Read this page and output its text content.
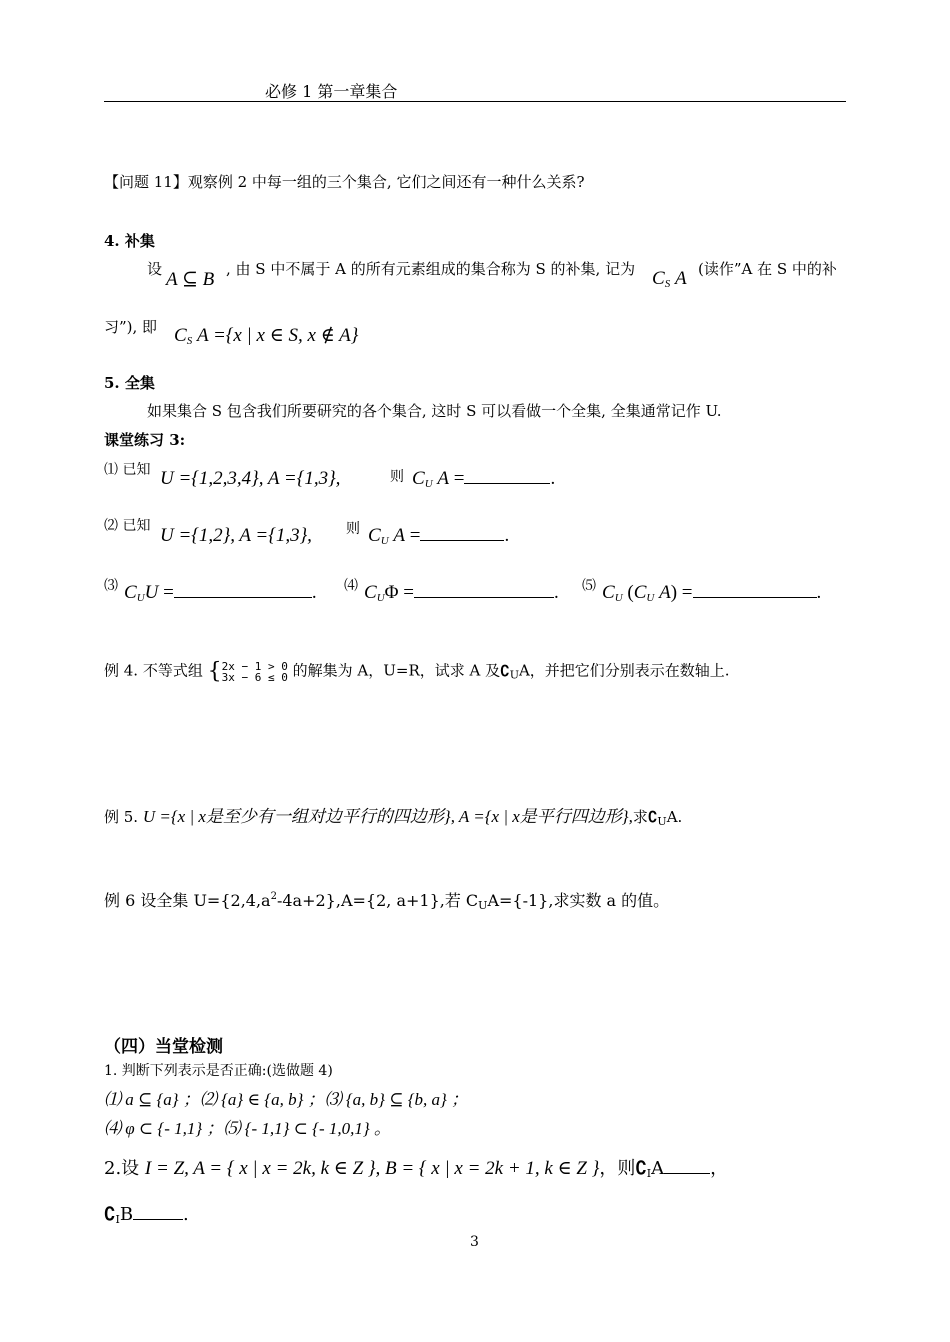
必修 1 第一章集合
【问题 11】观察例 2 中每一组的三个集合, 它们之间还有一种什么关系?
4. 补集
设 A ⊆ B , 由 S 中不属于 A 的所有元素组成的集合称为 S 的补集, 记为 $C_S$ A (读作”A 在 S 中的补
习”), 即 $C_S$ A ={x | x ∈ S, x ∉ A}
5. 全集
如果集合 S 包含我们所要研究的各个集合, 这时 S 可以看做一个全集, 全集通常记作 U.
课堂练习 3:
⑴ 已知 U ={1,2,3,4}, A ={1,3},	则 $C_U$ A =	.
⑵ 已知 U ={1,2}, A ={1,3}, 则 $C_U$ A =	.
⑶ $C_UU$ =	. ⑷ $C_U\Phi$ =	. ⑸ $C_U$ ($C_U$ A) =	.
例 4. 不等式组 {2x − 1 > 0
3x − 6 ≤ 0 的解集为 A，U=R，试求 A 及$∁_UA$，并把它们分别表示在数轴上.
例 5. U ={x | x是至少有一组对边平行的四边形}, A ={x | x是平行四边形},求$∁_UA$.
例 6 设全集 $U=\{2,4,a^2-4a+2\},A=\{2$, a+1},若 $C_UA=\{-1\}$,求实数 a 的值。
（四）当堂检测
1. 判断下列表示是否正确:(选做题 4)
⑴ a ⊆ {a} ；⑵ {a} ∈ {a, b} ；⑶ {a, b} ⊆ {b, a} ；
⑷ φ ⊂ {- 1,1} ；⑸ {- 1,1} ⊂ {- 1,0,1} 。
2.设 I = Z, A = { x | x = 2k, k ∈ Z }, B = { x | x = 2k + 1, k ∈ Z }，则$∁_IA$	，
$∁_IB$	.
3
